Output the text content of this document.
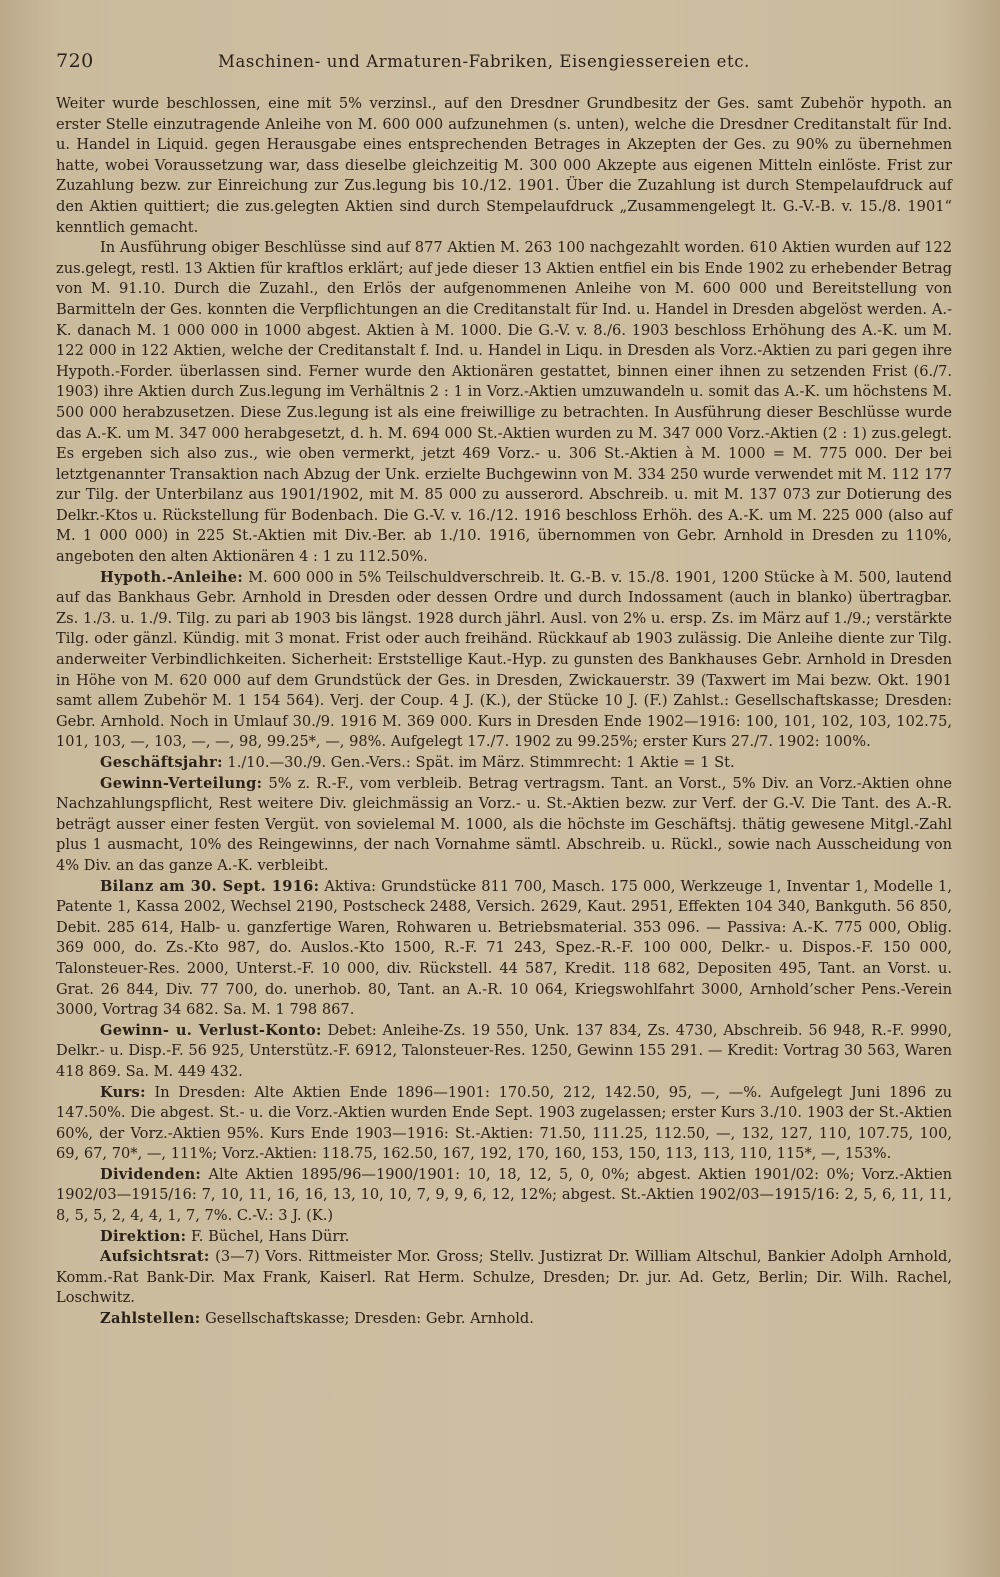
720	Maschinen- und Armaturen-Fabriken, Eisengiessereien etc.

Weiter wurde beschlossen, eine mit 5% verzinsl., auf den Dresdner Grundbesitz der Ges. samt Zubehör hypoth. an erster Stelle einzutragende Anleihe von M. 600 000 aufzunehmen (s. unten), welche die Dresdner Creditanstalt für Ind. u. Handel in Liquid. gegen Herausgabe eines entsprechenden Betrages in Akzepten der Ges. zu 90% zu übernehmen hatte, wobei Voraussetzung war, dass dieselbe gleichzeitig M. 300 000 Akzepte aus eigenen Mitteln einlöste. Frist zur Zuzahlung bezw. zur Einreichung zur Zus.legung bis 10./12. 1901. Über die Zuzahlung ist durch Stempelaufdruck auf den Aktien quittiert; die zus.gelegten Aktien sind durch Stempelaufdruck „Zusammengelegt lt. G.-V.-B. v. 15./8. 1901“ kenntlich gemacht.

In Ausführung obiger Beschlüsse sind auf 877 Aktien M. 263 100 nachgezahlt worden. 610 Aktien wurden auf 122 zus.gelegt, restl. 13 Aktien für kraftlos erklärt; auf jede dieser 13 Aktien entfiel ein bis Ende 1902 zu erhebender Betrag von M. 91.10. Durch die Zuzahl., den Erlös der aufgenommenen Anleihe von M. 600 000 und Bereitstellung von Barmitteln der Ges. konnten die Verpflichtungen an die Creditanstalt für Ind. u. Handel in Dresden abgelöst werden. A.-K. danach M. 1 000 000 in 1000 abgest. Aktien à M. 1000. Die G.-V. v. 8./6. 1903 beschloss Erhöhung des A.-K. um M. 122 000 in 122 Aktien, welche der Creditanstalt f. Ind. u. Handel in Liqu. in Dresden als Vorz.-Aktien zu pari gegen ihre Hypoth.-Forder. überlassen sind. Ferner wurde den Aktionären gestattet, binnen einer ihnen zu setzenden Frist (6./7. 1903) ihre Aktien durch Zus.legung im Verhältnis 2 : 1 in Vorz.-Aktien umzuwandeln u. somit das A.-K. um höchstens M. 500 000 herabzusetzen. Diese Zus.legung ist als eine freiwillige zu betrachten. In Ausführung dieser Beschlüsse wurde das A.-K. um M. 347 000 herabgesetzt, d. h. M. 694 000 St.-Aktien wurden zu M. 347 000 Vorz.-Aktien (2 : 1) zus.gelegt. Es ergeben sich also zus., wie oben vermerkt, jetzt 469 Vorz.- u. 306 St.-Aktien à M. 1000 = M. 775 000. Der bei letztgenannter Transaktion nach Abzug der Unk. erzielte Buchgewinn von M. 334 250 wurde verwendet mit M. 112 177 zur Tilg. der Unterbilanz aus 1901/1902, mit M. 85 000 zu ausserord. Abschreib. u. mit M. 137 073 zur Dotierung des Delkr.-Ktos u. Rückstellung für Bodenbach. Die G.-V. v. 16./12. 1916 beschloss Erhöh. des A.-K. um M. 225 000 (also auf M. 1 000 000) in 225 St.-Aktien mit Div.-Ber. ab 1./10. 1916, übernommen von Gebr. Arnhold in Dresden zu 110%, angeboten den alten Aktionären 4 : 1 zu 112.50%.

Hypoth.-Anleihe: M. 600 000 in 5% Teilschuldverschreib. lt. G.-B. v. 15./8. 1901, 1200 Stücke à M. 500, lautend auf das Bankhaus Gebr. Arnhold in Dresden oder dessen Ordre und durch Indossament (auch in blanko) übertragbar. Zs. 1./3. u. 1./9. Tilg. zu pari ab 1903 bis längst. 1928 durch jährl. Ausl. von 2% u. ersp. Zs. im März auf 1./9.; verstärkte Tilg. oder gänzl. Kündig. mit 3 monat. Frist oder auch freihänd. Rückkauf ab 1903 zulässig. Die Anleihe diente zur Tilg. anderweiter Verbindlichkeiten. Sicherheit: Erststellige Kaut.-Hyp. zu gunsten des Bankhauses Gebr. Arnhold in Dresden in Höhe von M. 620 000 auf dem Grundstück der Ges. in Dresden, Zwickauerstr. 39 (Taxwert im Mai bezw. Okt. 1901 samt allem Zubehör M. 1 154 564). Verj. der Coup. 4 J. (K.), der Stücke 10 J. (F.) Zahlst.: Gesellschaftskasse; Dresden: Gebr. Arnhold. Noch in Umlauf 30./9. 1916 M. 369 000. Kurs in Dresden Ende 1902—1916: 100, 101, 102, 103, 102.75, 101, 103, —, 103, —, —, 98, 99.25*, —, 98%. Aufgelegt 17./7. 1902 zu 99.25%; erster Kurs 27./7. 1902: 100%.

Geschäftsjahr: 1./10.—30./9. Gen.-Vers.: Spät. im März. Stimmrecht: 1 Aktie = 1 St.

Gewinn-Verteilung: 5% z. R.-F., vom verbleib. Betrag vertragsm. Tant. an Vorst., 5% Div. an Vorz.-Aktien ohne Nachzahlungspflicht, Rest weitere Div. gleichmässig an Vorz.- u. St.-Aktien bezw. zur Verf. der G.-V. Die Tant. des A.-R. beträgt ausser einer festen Vergüt. von sovielemal M. 1000, als die höchste im Geschäftsj. thätig gewesene Mitgl.-Zahl plus 1 ausmacht, 10% des Reingewinns, der nach Vornahme sämtl. Abschreib. u. Rückl., sowie nach Ausscheidung von 4% Div. an das ganze A.-K. verbleibt.

Bilanz am 30. Sept. 1916: Aktiva: Grundstücke 811 700, Masch. 175 000, Werkzeuge 1, Inventar 1, Modelle 1, Patente 1, Kassa 2002, Wechsel 2190, Postscheck 2488, Versich. 2629, Kaut. 2951, Effekten 104 340, Bankguth. 56 850, Debit. 285 614, Halb- u. ganzfertige Waren, Rohwaren u. Betriebsmaterial. 353 096. — Passiva: A.-K. 775 000, Oblig. 369 000, do. Zs.-Kto 987, do. Auslos.-Kto 1500, R.-F. 71 243, Spez.-R.-F. 100 000, Delkr.- u. Dispos.-F. 150 000, Talonsteuer-Res. 2000, Unterst.-F. 10 000, div. Rückstell. 44 587, Kredit. 118 682, Depositen 495, Tant. an Vorst. u. Grat. 26 844, Div. 77 700, do. unerhob. 80, Tant. an A.-R. 10 064, Kriegswohlfahrt 3000, Arnhold’scher Pens.-Verein 3000, Vortrag 34 682. Sa. M. 1 798 867.

Gewinn- u. Verlust-Konto: Debet: Anleihe-Zs. 19 550, Unk. 137 834, Zs. 4730, Abschreib. 56 948, R.-F. 9990, Delkr.- u. Disp.-F. 56 925, Unterstütz.-F. 6912, Talonsteuer-Res. 1250, Gewinn 155 291. — Kredit: Vortrag 30 563, Waren 418 869. Sa. M. 449 432.

Kurs: In Dresden: Alte Aktien Ende 1896—1901: 170.50, 212, 142.50, 95, —, —%. Aufgelegt Juni 1896 zu 147.50%. Die abgest. St.- u. die Vorz.-Aktien wurden Ende Sept. 1903 zugelassen; erster Kurs 3./10. 1903 der St.-Aktien 60%, der Vorz.-Aktien 95%. Kurs Ende 1903—1916: St.-Aktien: 71.50, 111.25, 112.50, —, 132, 127, 110, 107.75, 100, 69, 67, 70*, —, 111%; Vorz.-Aktien: 118.75, 162.50, 167, 192, 170, 160, 153, 150, 113, 113, 110, 115*, —, 153%.

Dividenden: Alte Aktien 1895/96—1900/1901: 10, 18, 12, 5, 0, 0%; abgest. Aktien 1901/02: 0%; Vorz.-Aktien 1902/03—1915/16: 7, 10, 11, 16, 16, 13, 10, 10, 7, 9, 9, 6, 12, 12%; abgest. St.-Aktien 1902/03—1915/16: 2, 5, 6, 11, 11, 8, 5, 5, 2, 4, 4, 1, 7, 7%. C.-V.: 3 J. (K.)

Direktion: F. Büchel, Hans Dürr.

Aufsichtsrat: (3—7) Vors. Rittmeister Mor. Gross; Stellv. Justizrat Dr. William Altschul, Bankier Adolph Arnhold, Komm.-Rat Bank-Dir. Max Frank, Kaiserl. Rat Herm. Schulze, Dresden; Dr. jur. Ad. Getz, Berlin; Dir. Wilh. Rachel, Loschwitz.

Zahlstellen: Gesellschaftskasse; Dresden: Gebr. Arnhold.
